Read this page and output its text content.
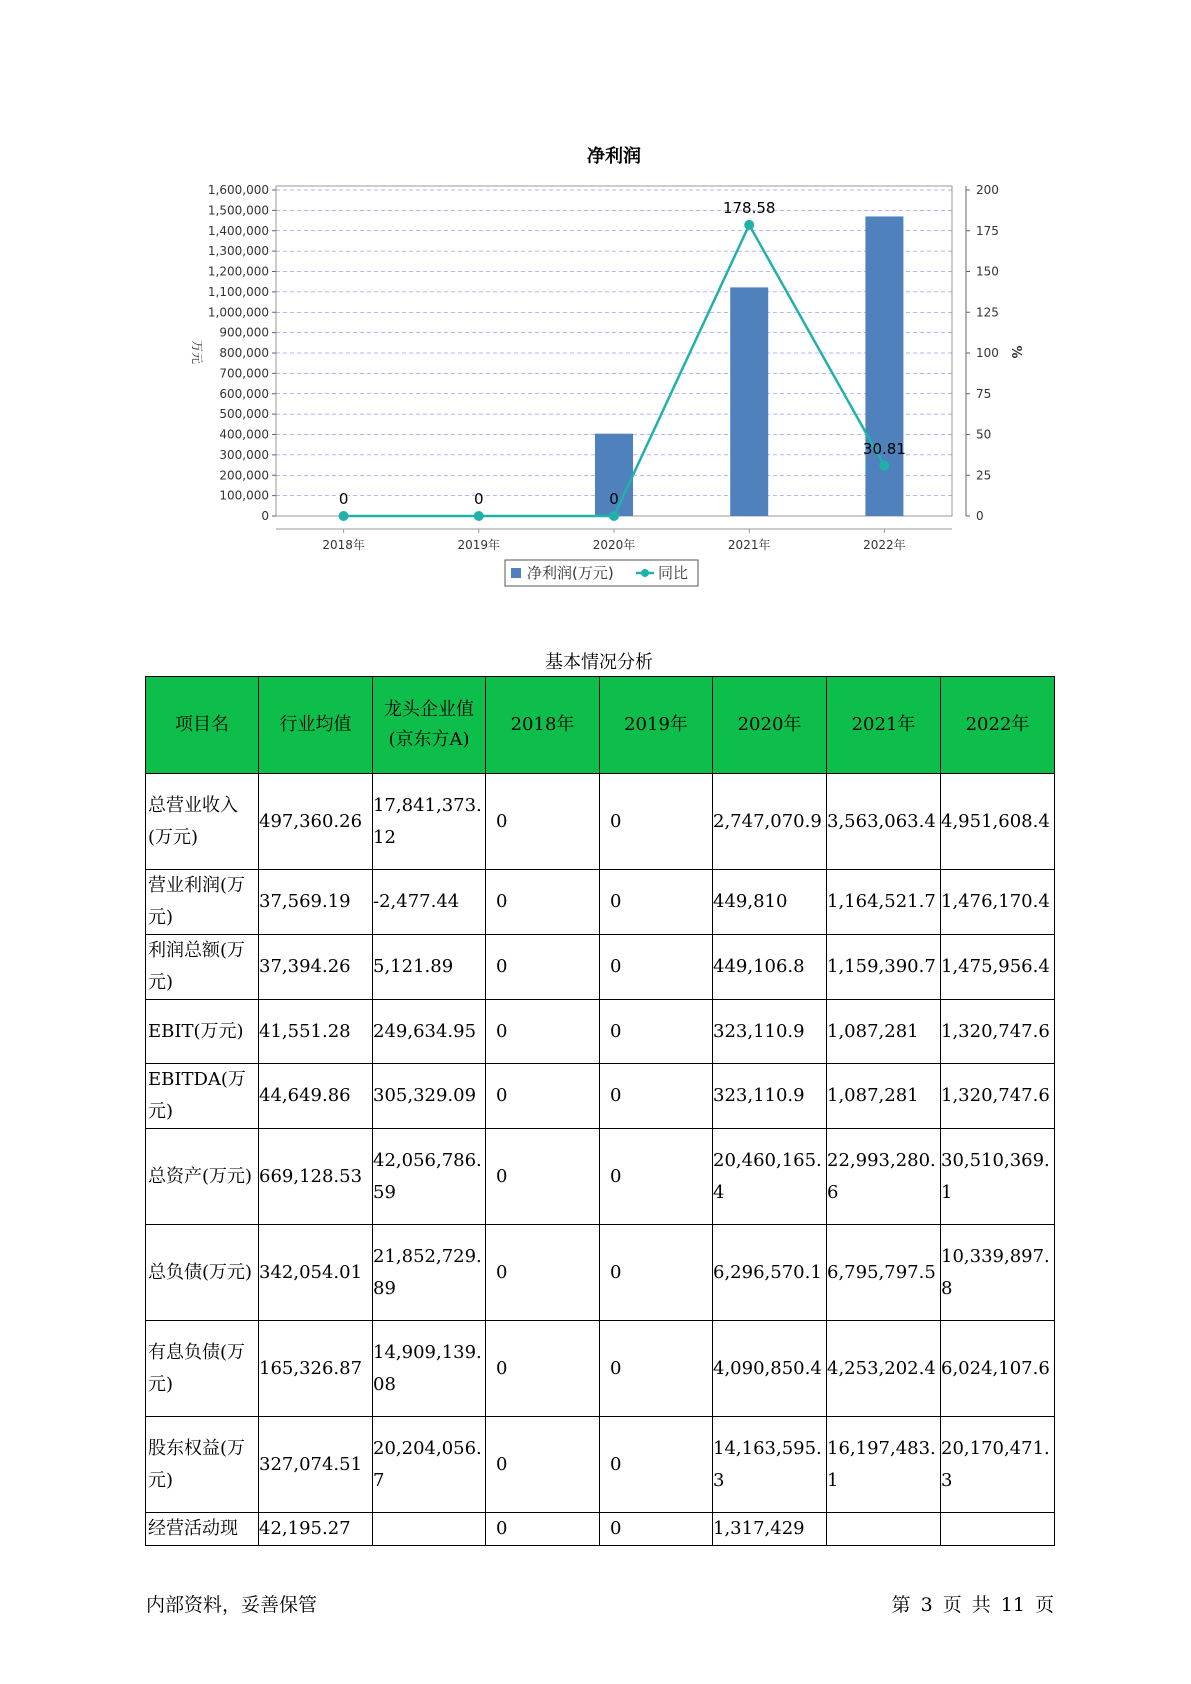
净利润
0
100,000
200,000
300,000
400,000
500,000
600,000
700,000
800,000
900,000
1,000,000
1,100,000
1,200,000
1,300,000
1,400,000
1,500,000
1,600,000
0
25
50
75
100
125
150
175
200
万元	%
2018年	2019年	2020年	2021年	2022年
0	0	0
178.58
30.81
净利润(万元)	同比
基本情况分析
项目名	行业均值	龙头企业值(京东方A)	2018年	2019年	2020年	2021年	2022年
总营业收入(万元)	497,360.26	17,841,373.12	0	0	2,747,070.9	3,563,063.4	4,951,608.4
营业利润(万元)	37,569.19	-2,477.44	0	0	449,810	1,164,521.7	1,476,170.4
利润总额(万元)	37,394.26	5,121.89	0	0	449,106.8	1,159,390.7	1,475,956.4
EBIT(万元)	41,551.28	249,634.95	0	0	323,110.9	1,087,281	1,320,747.6
EBITDA(万元)	44,649.86	305,329.09	0	0	323,110.9	1,087,281	1,320,747.6
总资产(万元)	669,128.53	42,056,786.59	0	0	20,460,165.4	22,993,280.6	30,510,369.1
总负债(万元)	342,054.01	21,852,729.89	0	0	6,296,570.1	6,795,797.5	10,339,897.8
有息负债(万元)	165,326.87	14,909,139.08	0	0	4,090,850.4	4,253,202.4	6,024,107.6
股东权益(万元)	327,074.51	20,204,056.7	0	0	14,163,595.3	16,197,483.1	20,170,471.3
经营活动现	42,195.27		0	0	1,317,429		
内部资料，妥善保管	第 3 页 共 11 页
